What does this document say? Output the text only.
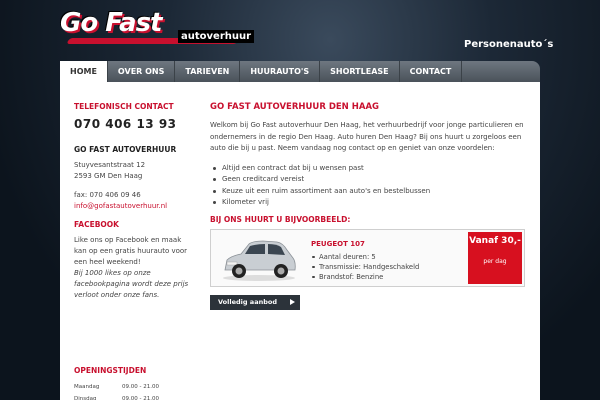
Go Fast	autoverhuur
Personenauto´s
HOME	OVER ONS	TARIEVEN	HUURAUTO'S	SHORTLEASE	CONTACT
TELEFONISCH CONTACT
070 406 13 93
GO FAST AUTOVERHUUR
Stuyvesantstraat 12
2593 GM Den Haag
fax: 070 406 09 46
info@gofastautoverhuur.nl
FACEBOOK
Like ons op Facebook en maak kan op een gratis huurauto voor een heel weekend!
Bij 1000 likes op onze facebookpagina wordt deze prijs verloot onder onze fans.
OPENINGSTIJDEN
Maandag	09.00 - 21.00
Dinsdag	09.00 - 21.00
GO FAST AUTOVERHUUR DEN HAAG
Welkom bij Go Fast autoverhuur Den Haag, het verhuurbedrijf voor jonge particulieren en ondernemers in de regio Den Haag. Auto huren Den Haag? Bij ons huurt u zorgeloos een auto die bij u past. Neem vandaag nog contact op en geniet van onze voordelen:
Altijd een contract dat bij u wensen past
Geen creditcard vereist
Keuze uit een ruim assortiment aan auto's en bestelbussen
Kilometer vrij
BIJ ONS HUURT U BIJVOORBEELD:
PEUGEOT 107
Aantal deuren: 5
Transmissie: Handgeschakeld
Brandstof: Benzine
Vanaf 30,-
per dag
Volledig aanbod
